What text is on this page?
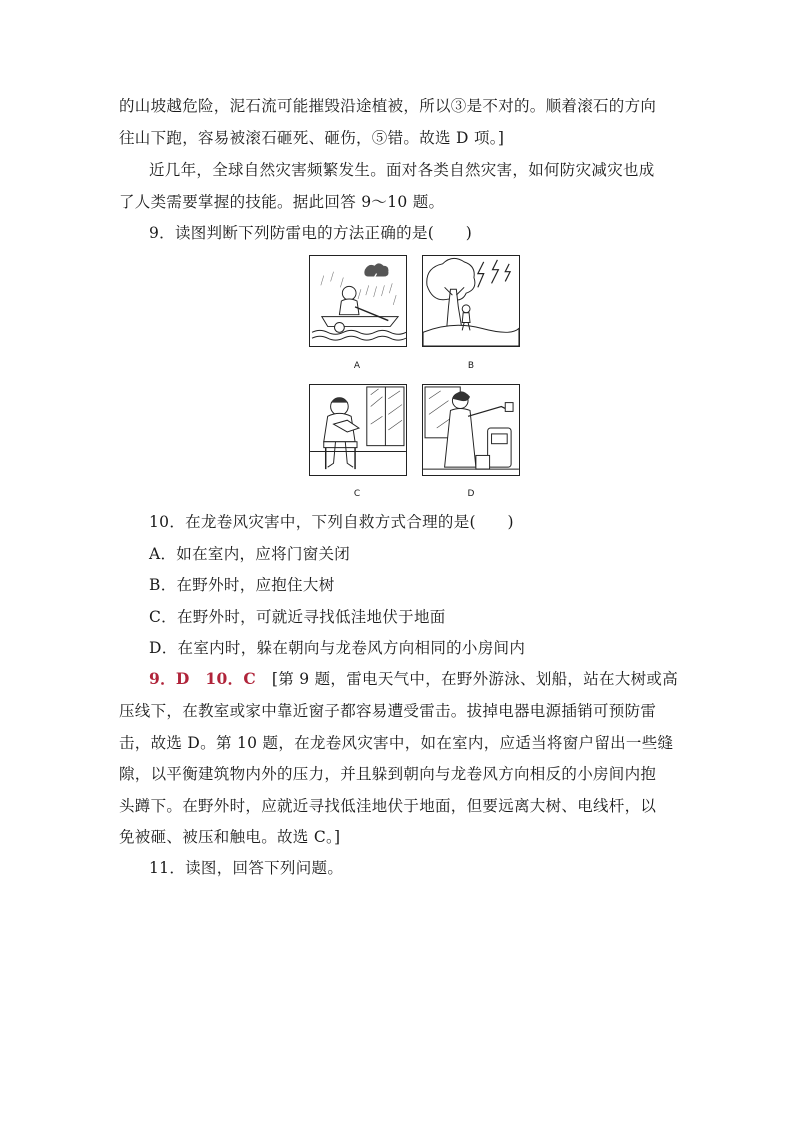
的山坡越危险，泥石流可能摧毁沿途植被，所以③是不对的。顺着滚石的方向
往山下跑，容易被滚石砸死、砸伤，⑤错。故选 D 项。]
近几年，全球自然灾害频繁发生。面对各类自然灾害，如何防灾减灾也成
了人类需要掌握的技能。据此回答 9～10 题。
9．读图判断下列防雷电的方法正确的是(　　)
A	B
C	D
10．在龙卷风灾害中，下列自救方式合理的是(　　)
A．如在室内，应将门窗关闭
B．在野外时，应抱住大树
C．在野外时，可就近寻找低洼地伏于地面
D．在室内时，躲在朝向与龙卷风方向相同的小房间内
9．D　10．C　 [第 9 题，雷电天气中，在野外游泳、划船，站在大树或高
压线下，在教室或家中靠近窗子都容易遭受雷击。拔掉电器电源插销可预防雷
击，故选 D。第 10 题，在龙卷风灾害中，如在室内，应适当将窗户留出一些缝
隙，以平衡建筑物内外的压力，并且躲到朝向与龙卷风方向相反的小房间内抱
头蹲下。在野外时，应就近寻找低洼地伏于地面，但要远离大树、电线杆，以
免被砸、被压和触电。故选 C。]
11．读图，回答下列问题。
